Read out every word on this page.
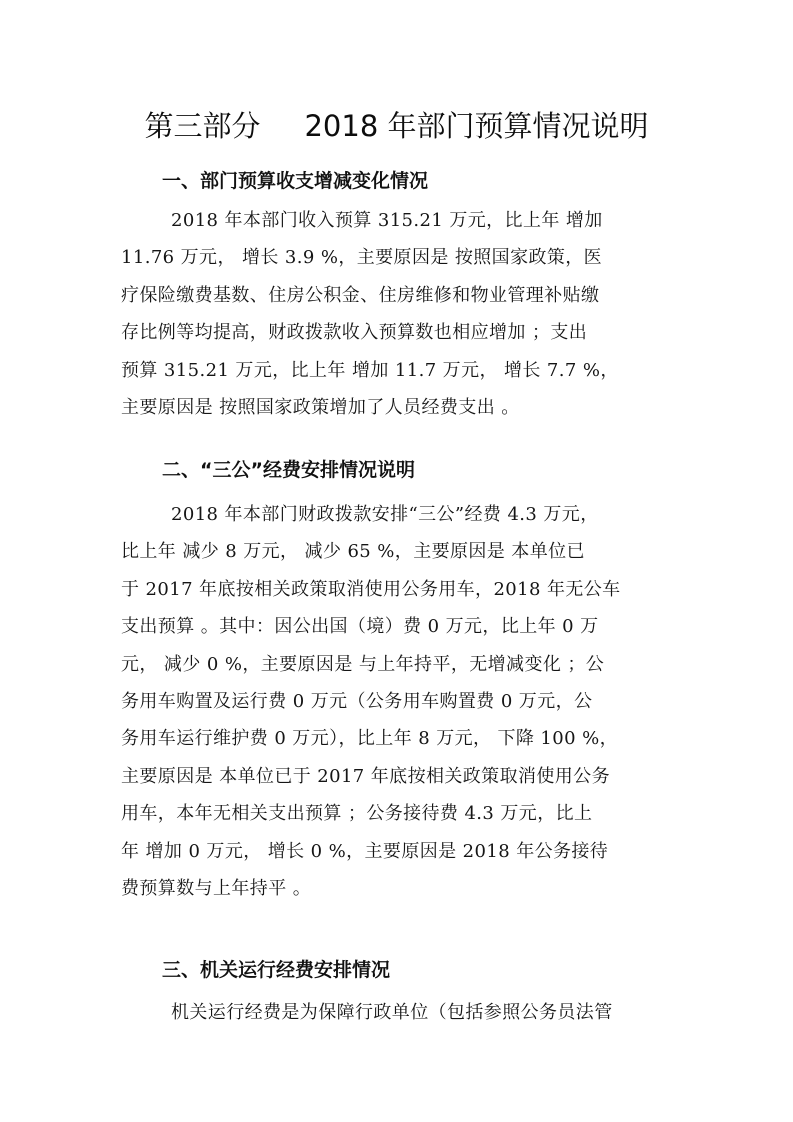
第三部分 2018 年部门预算情况说明
一、部门预算收支增减变化情况
2018 年本部门收入预算 315.21 万元，比上年 增加
11.76 万元， 增长 3.9 %，主要原因是 按照国家政策，医
疗保险缴费基数、住房公积金、住房维修和物业管理补贴缴
存比例等均提高，财政拨款收入预算数也相应增加 ；支出
预算 315.21 万元，比上年 增加 11.7 万元， 增长 7.7 %，
主要原因是 按照国家政策增加了人员经费支出 。
二、“三公”经费安排情况说明
2018 年本部门财政拨款安排“三公”经费 4.3 万元，
比上年 减少 8 万元， 减少 65 %，主要原因是 本单位已
于 2017 年底按相关政策取消使用公务用车，2018 年无公车
支出预算 。其中：因公出国（境）费 0 万元，比上年 0 万
元， 减少 0 %，主要原因是 与上年持平，无增减变化 ；公
务用车购置及运行费 0 万元（公务用车购置费 0 万元，公
务用车运行维护费 0 万元），比上年 8 万元， 下降 100 %，
主要原因是 本单位已于 2017 年底按相关政策取消使用公务
用车，本年无相关支出预算 ；公务接待费 4.3 万元，比上
年 增加 0 万元， 增长 0 %，主要原因是 2018 年公务接待
费预算数与上年持平 。
三、机关运行经费安排情况
机关运行经费是为保障行政单位（包括参照公务员法管
